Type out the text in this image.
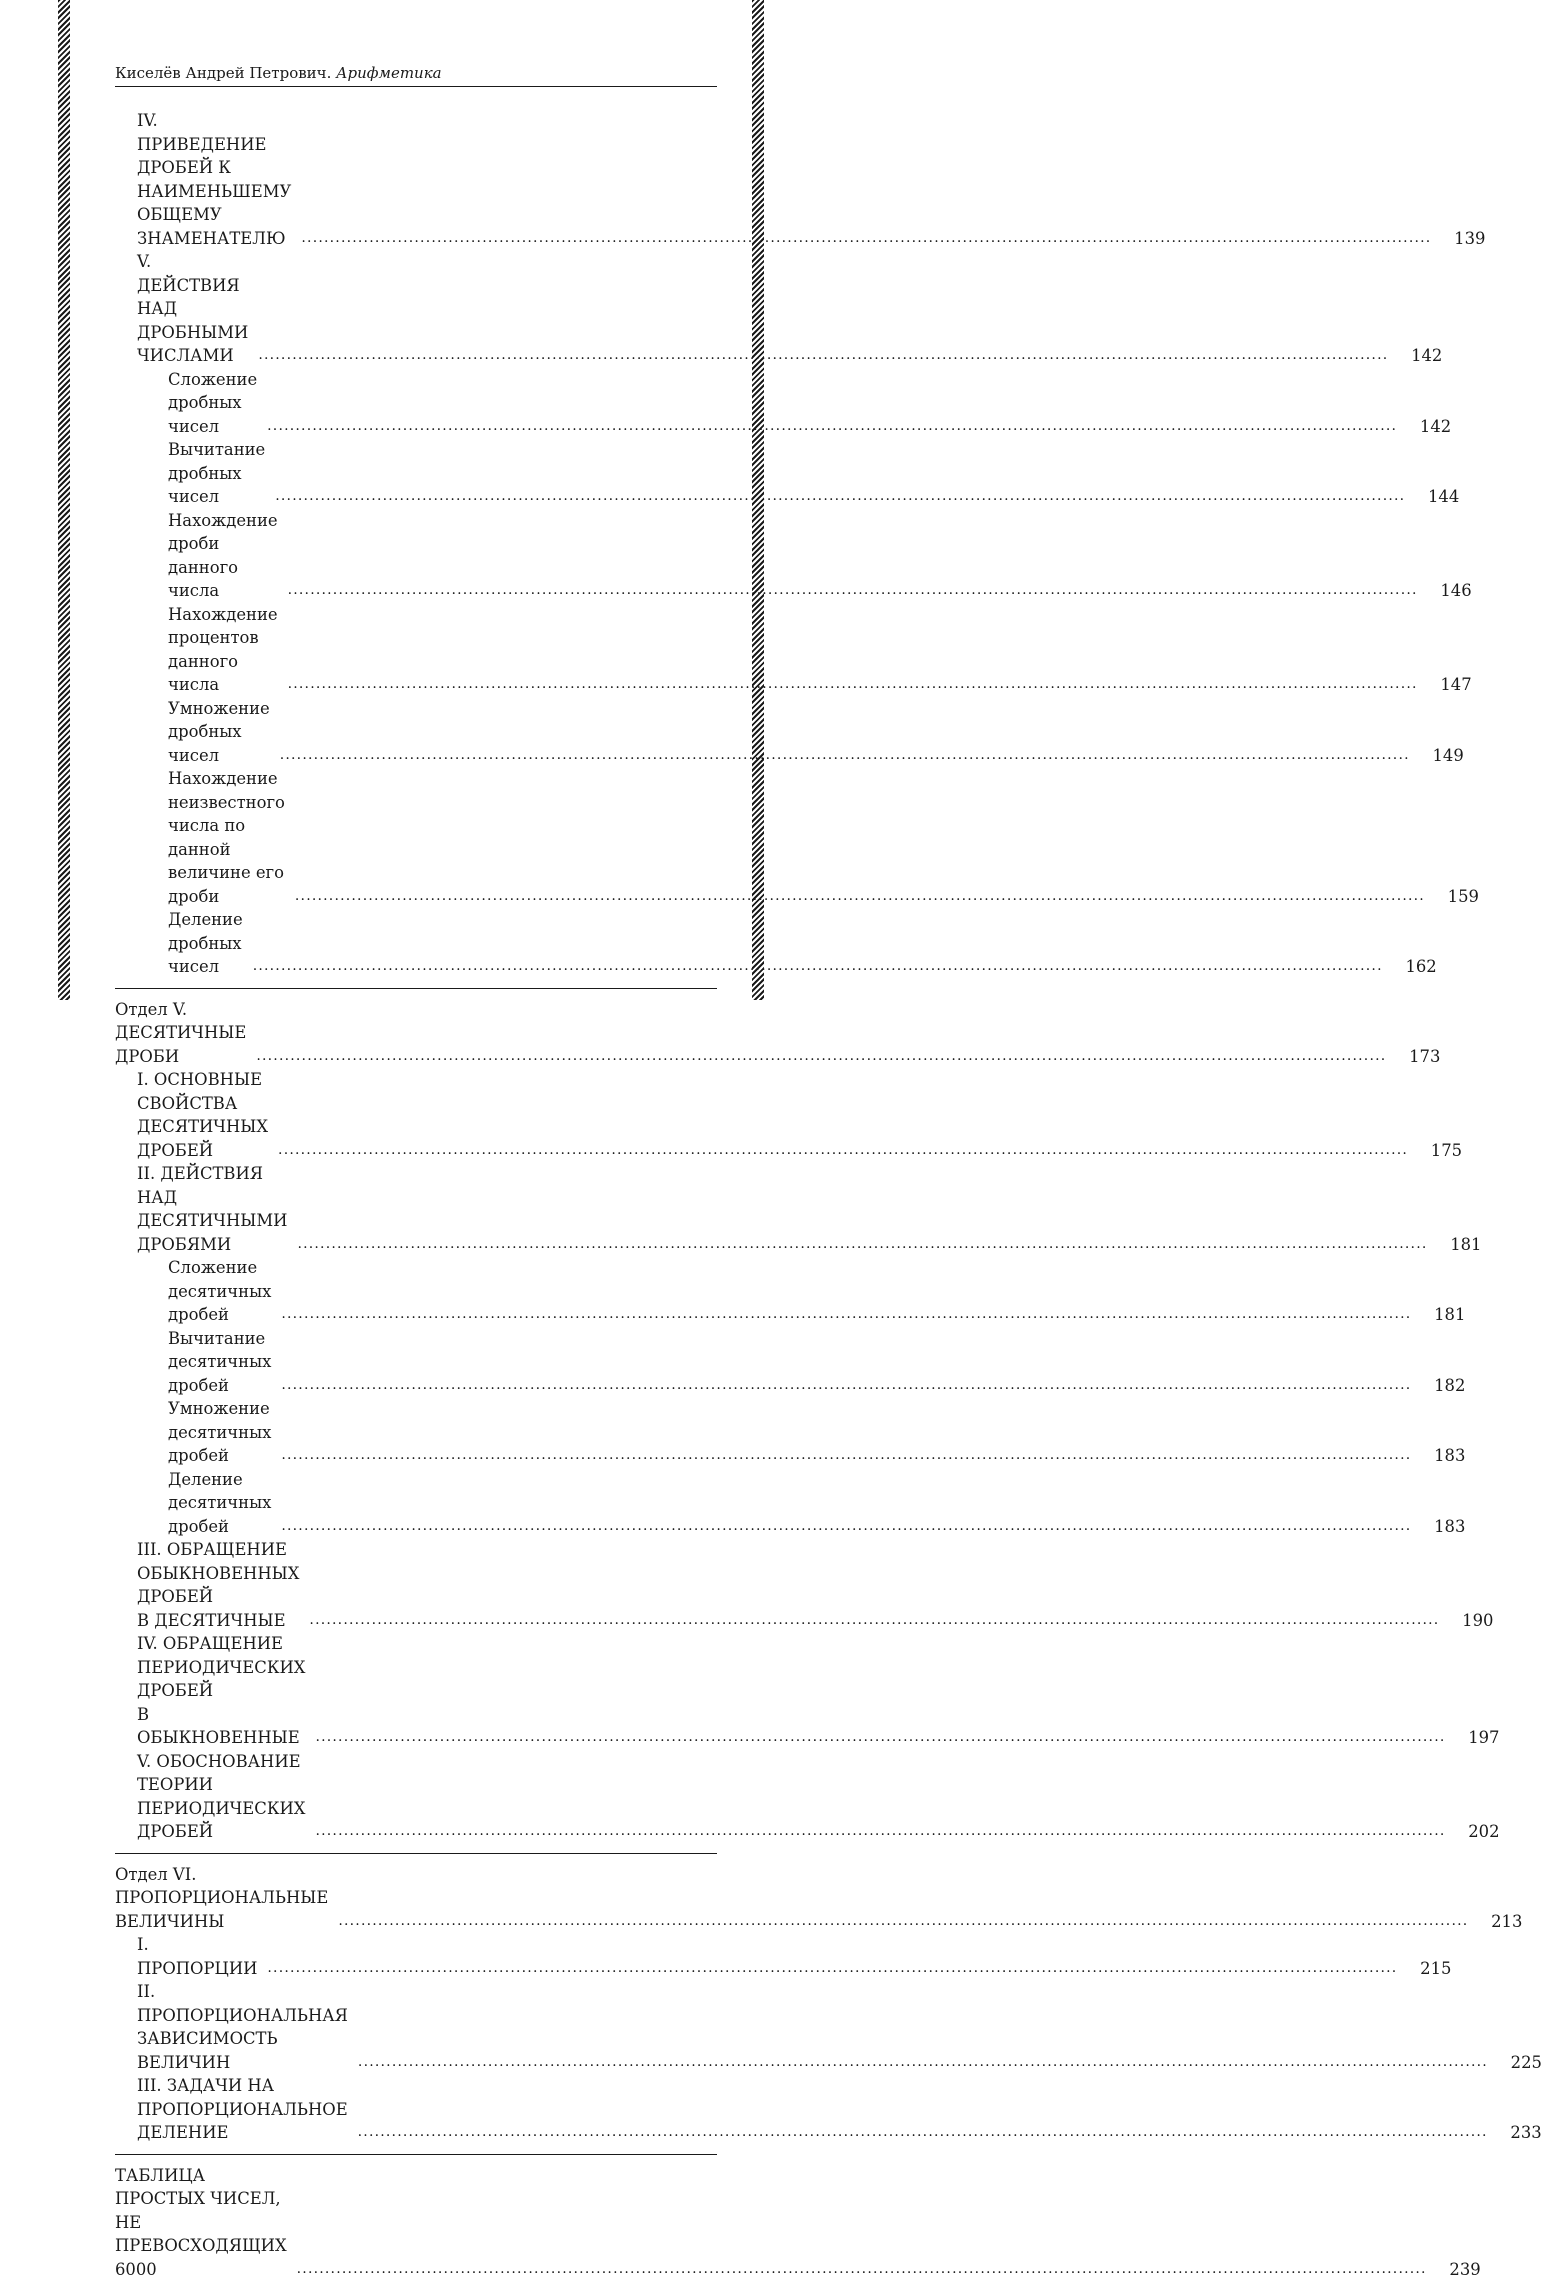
Киселёв Андрей Петрович. Арифметика
IV. ПРИВЕДЕНИЕ ДРОБЕЙ К НАИМЕНЬШЕМУ
ОБЩЕМУ ЗНАМЕНАТЕЛЮ .....	139
V. ДЕЙСТВИЯ НАД ДРОБНЫМИ ЧИСЛАМИ .....	142
Сложение дробных чисел .....	142
Вычитание дробных чисел .....	144
Нахождение дроби данного числа .....	146
Нахождение процентов данного числа .....	147
Умножение дробных чисел .....	149
Нахождение неизвестного числа по данной
величине его дроби .....	159
Деление дробных чисел .....	162
Отдел V. ДЕСЯТИЧНЫЕ ДРОБИ .....	173
I. ОСНОВНЫЕ СВОЙСТВА ДЕСЯТИЧНЫХ
ДРОБЕЙ .....	175
II. ДЕЙСТВИЯ НАД ДЕСЯТИЧНЫМИ ДРОБЯМИ .....	181
Сложение десятичных дробей .....	181
Вычитание десятичных дробей .....	182
Умножение десятичных дробей .....	183
Деление десятичных дробей .....	183
III. ОБРАЩЕНИЕ ОБЫКНОВЕННЫХ ДРОБЕЙ
В ДЕСЯТИЧНЫЕ .....	190
IV. ОБРАЩЕНИЕ ПЕРИОДИЧЕСКИХ ДРОБЕЙ
В ОБЫКНОВЕННЫЕ .....	197
V. ОБОСНОВАНИЕ ТЕОРИИ ПЕРИОДИЧЕСКИХ
ДРОБЕЙ .....	202
Отдел VI. ПРОПОРЦИОНАЛЬНЫЕ ВЕЛИЧИНЫ .....	213
I. ПРОПОРЦИИ .....	215
II. ПРОПОРЦИОНАЛЬНАЯ ЗАВИСИМОСТЬ
ВЕЛИЧИН .....	225
III. ЗАДАЧИ НА ПРОПОРЦИОНАЛЬНОЕ ДЕЛЕНИЕ .....	233
ТАБЛИЦА ПРОСТЫХ ЧИСЕЛ,
НЕ ПРЕВОСХОДЯЩИХ 6000 .....	239
